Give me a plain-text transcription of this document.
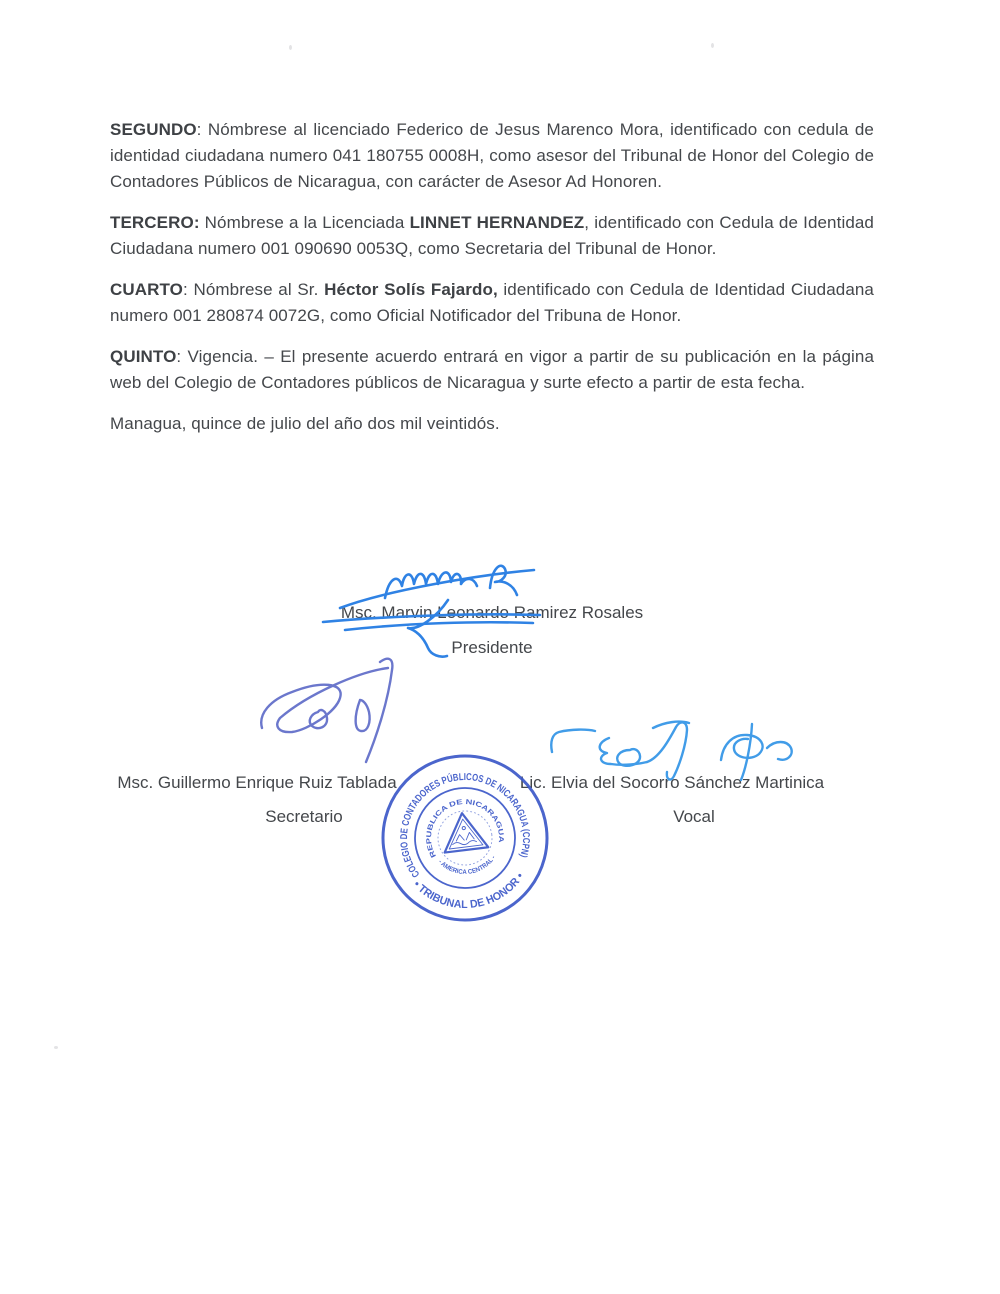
SEGUNDO: Nómbrese al licenciado Federico de Jesus Marenco Mora, identificado con cedula de identidad ciudadana numero 041 180755 0008H, como asesor del Tribunal de Honor del Colegio de Contadores Públicos de Nicaragua, con carácter de Asesor Ad Honoren.

TERCERO: Nómbrese a la Licenciada LINNET HERNANDEZ, identificado con Cedula de Identidad Ciudadana numero 001 090690 0053Q, como Secretaria del Tribunal de Honor.

CUARTO: Nómbrese al Sr. Héctor Solís Fajardo, identificado con Cedula de Identidad Ciudadana numero 001 280874 0072G, como Oficial Notificador del Tribuna de Honor.

QUINTO: Vigencia. – El presente acuerdo entrará en vigor a partir de su publicación en la página web del Colegio de Contadores públicos de Nicaragua y surte efecto a partir de esta fecha.

Managua, quince de julio del año dos mil veintidós.

Msc. Marvin Leonardo Ramirez Rosales
Presidente
Msc. Guillermo Enrique Ruiz Tablada
Secretario
Lic. Elvia del Socorro Sánchez Martinica
Vocal
COLEGIO DE CONTADORES PÚBLICOS DE NICARAGUA (CCPN)
• TRIBUNAL DE HONOR •
REPUBLICA DE NICARAGUA
- AMERICA CENTRAL -
